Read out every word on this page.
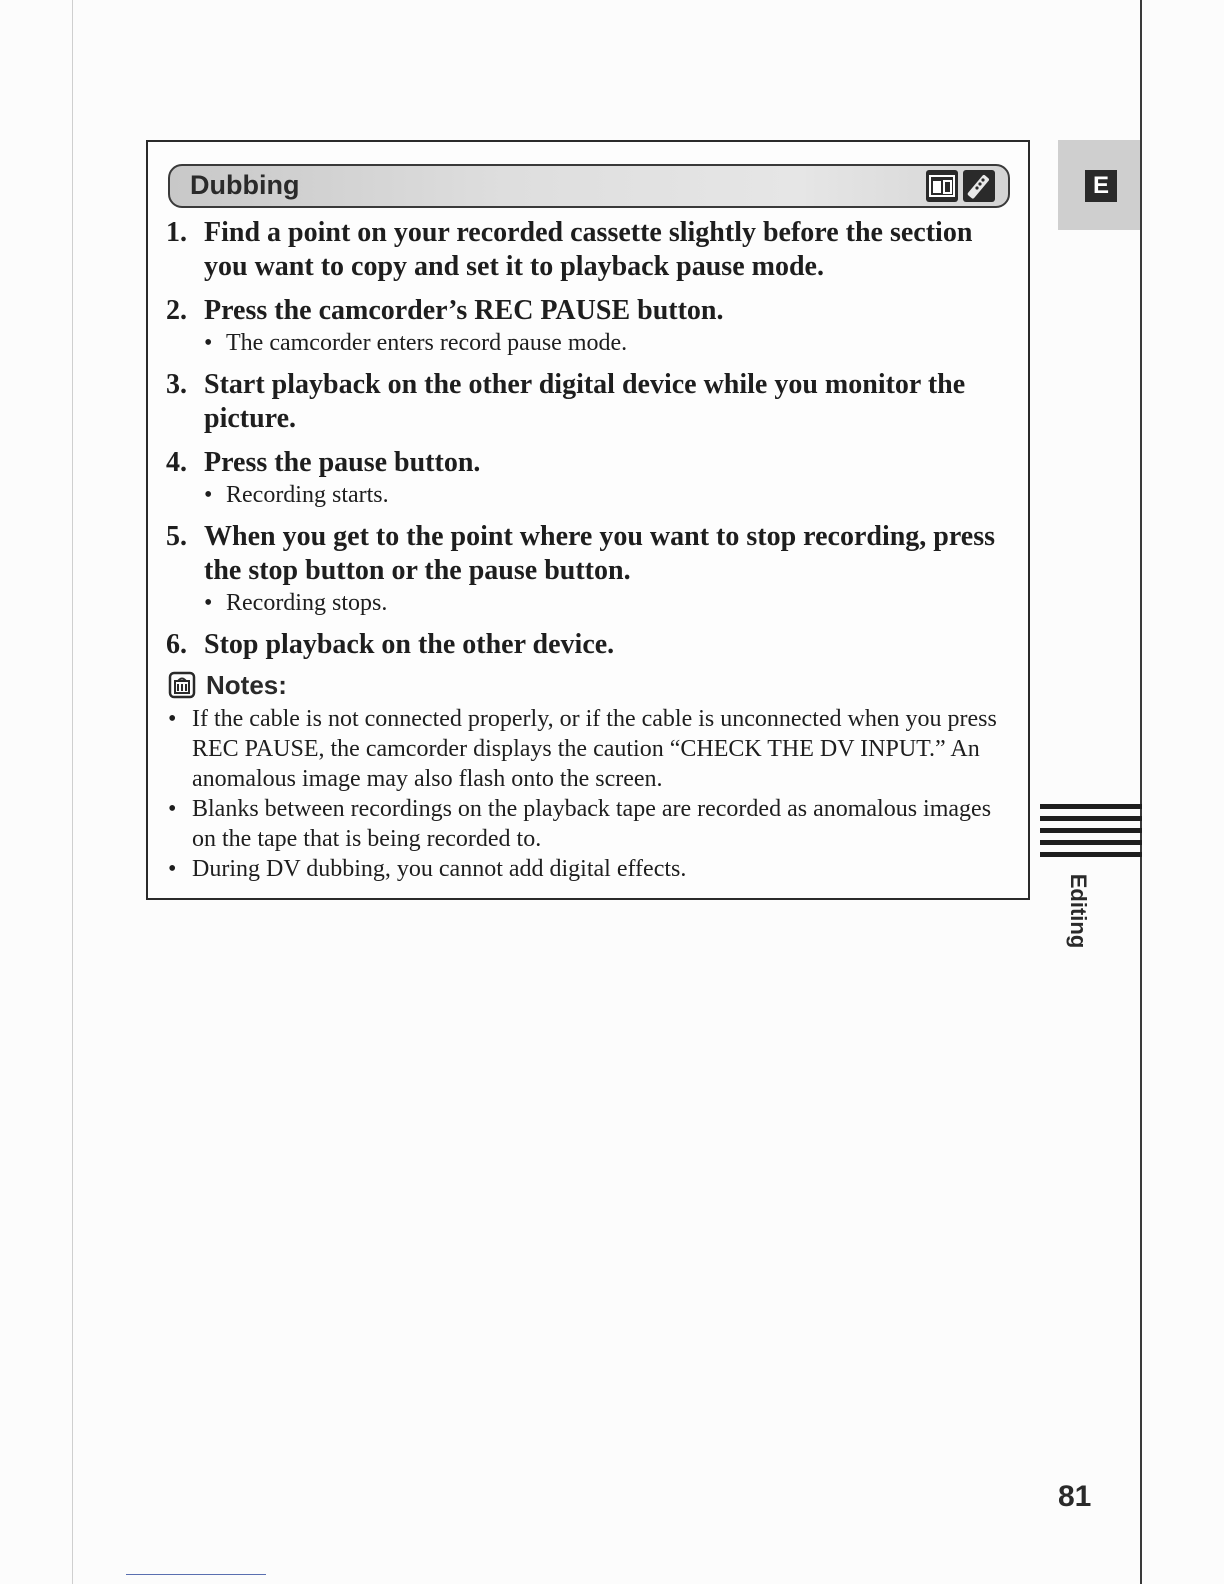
Dubbing
1. Find a point on your recorded cassette slightly before the section you want to copy and set it to playback pause mode.
2. Press the camcorder’s REC PAUSE button.
• The camcorder enters record pause mode.
3. Start playback on the other digital device while you monitor the picture.
4. Press the pause button.
• Recording starts.
5. When you get to the point where you want to stop recording, press the stop button or the pause button.
• Recording stops.
6. Stop playback on the other device.
Notes:
• If the cable is not connected properly, or if the cable is unconnected when you press REC PAUSE, the camcorder displays the caution “CHECK THE DV INPUT.” An anomalous image may also flash onto the screen.
• Blanks between recordings on the playback tape are recorded as anomalous images on the tape that is being recorded to.
• During DV dubbing, you cannot add digital effects.
E
Editing
81
